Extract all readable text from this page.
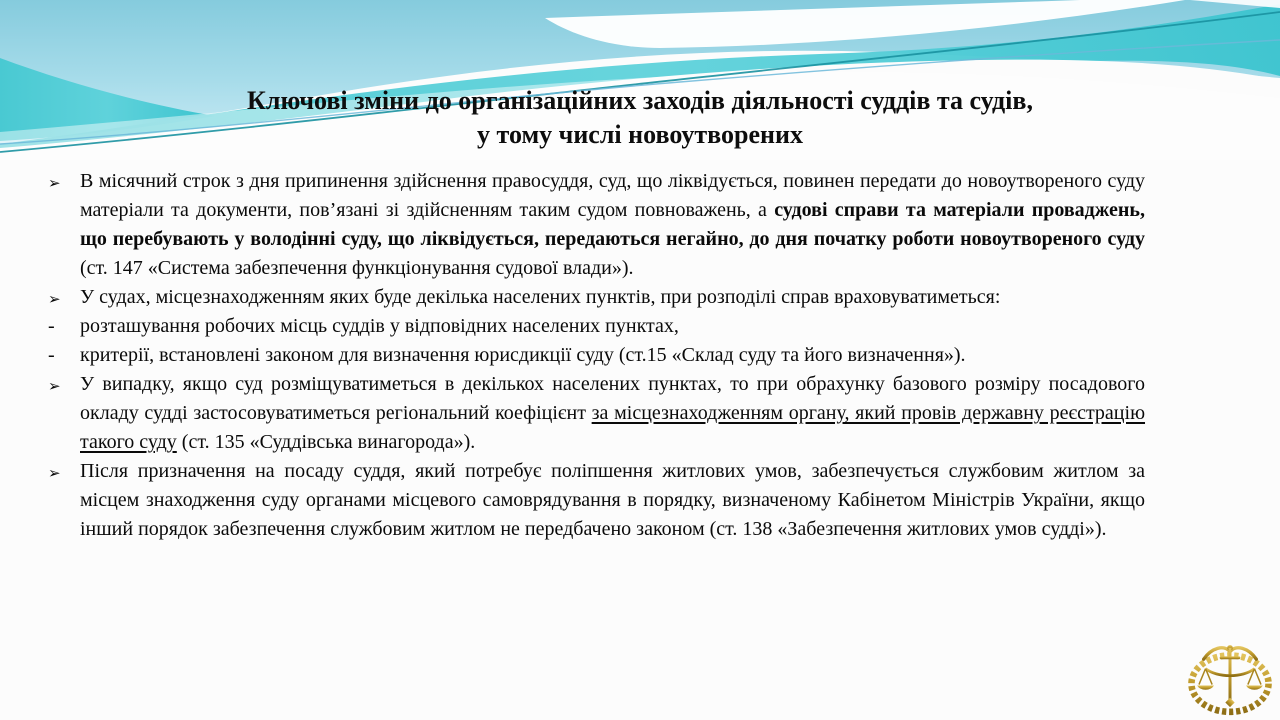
Ключові зміни до організаційних заходів діяльності суддів та судів,
у тому числі новоутворених
➢ В місячний строк з дня припинення здійснення правосуддя, суд, що ліквідується, повинен передати до новоутвореного суду матеріали та документи, пов’язані зі здійсненням таким судом повноважень, а судові справи та матеріали проваджень, що перебувають у володінні суду, що ліквідується, передаються негайно, до дня початку роботи новоутвореного суду (ст. 147 «Система забезпечення функціонування судової влади»).
➢ У судах, місцезнаходженням яких буде декілька населених пунктів, при розподілі справ враховуватиметься:
- розташування робочих місць суддів у відповідних населених пунктах,
- критерії, встановлені законом для визначення юрисдикції суду (ст.15 «Склад суду та його визначення»).
➢ У випадку, якщо суд розміщуватиметься в декількох населених пунктах, то при обрахунку базового розміру посадового окладу судді застосовуватиметься регіональний коефіцієнт за місцезнаходженням органу, який провів державну реєстрацію такого суду (ст. 135 «Суддівська винагорода»).
➢ Після призначення на посаду суддя, який потребує поліпшення житлових умов, забезпечується службовим житлом за місцем знаходження суду органами місцевого самоврядування в порядку, визначеному Кабінетом Міністрів України, якщо інший порядок забезпечення службовим житлом не передбачено законом (ст. 138 «Забезпечення житлових умов судді»).
